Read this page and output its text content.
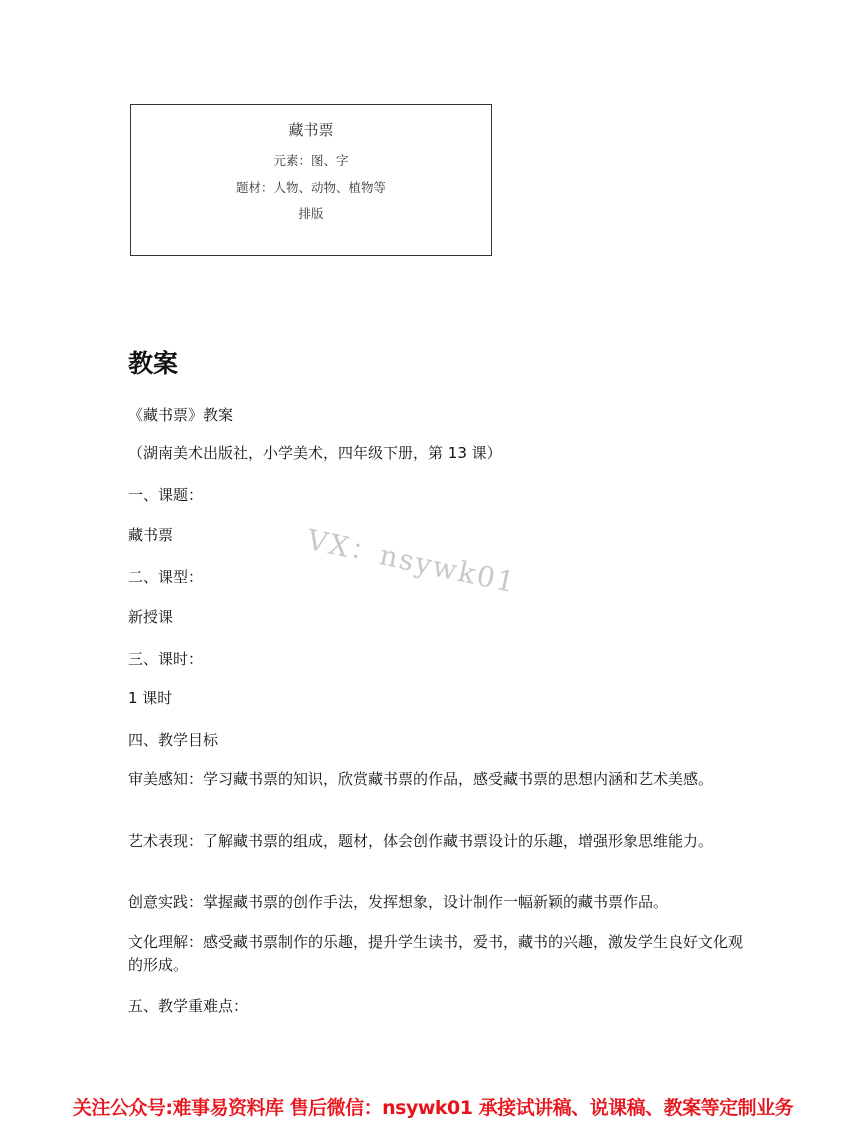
藏书票
元素：图、字
题材：人物、动物、植物等
排版
教案
《藏书票》教案
（湖南美术出版社，小学美术，四年级下册，第 13 课）
一、课题：
藏书票
二、课型：
新授课
三、课时：
1 课时
四、教学目标
审美感知：学习藏书票的知识，欣赏藏书票的作品，感受藏书票的思想内涵和艺术美感。
艺术表现：了解藏书票的组成，题材，体会创作藏书票设计的乐趣，增强形象思维能力。
创意实践：掌握藏书票的创作手法，发挥想象，设计制作一幅新颖的藏书票作品。
文化理解：感受藏书票制作的乐趣，提升学生读书，爱书，藏书的兴趣，激发学生良好文化观的形成。
五、教学重难点：
VX：nsywk01
关注公众号:难事易资料库 售后微信：nsywk01 承接试讲稿、说课稿、教案等定制业务
